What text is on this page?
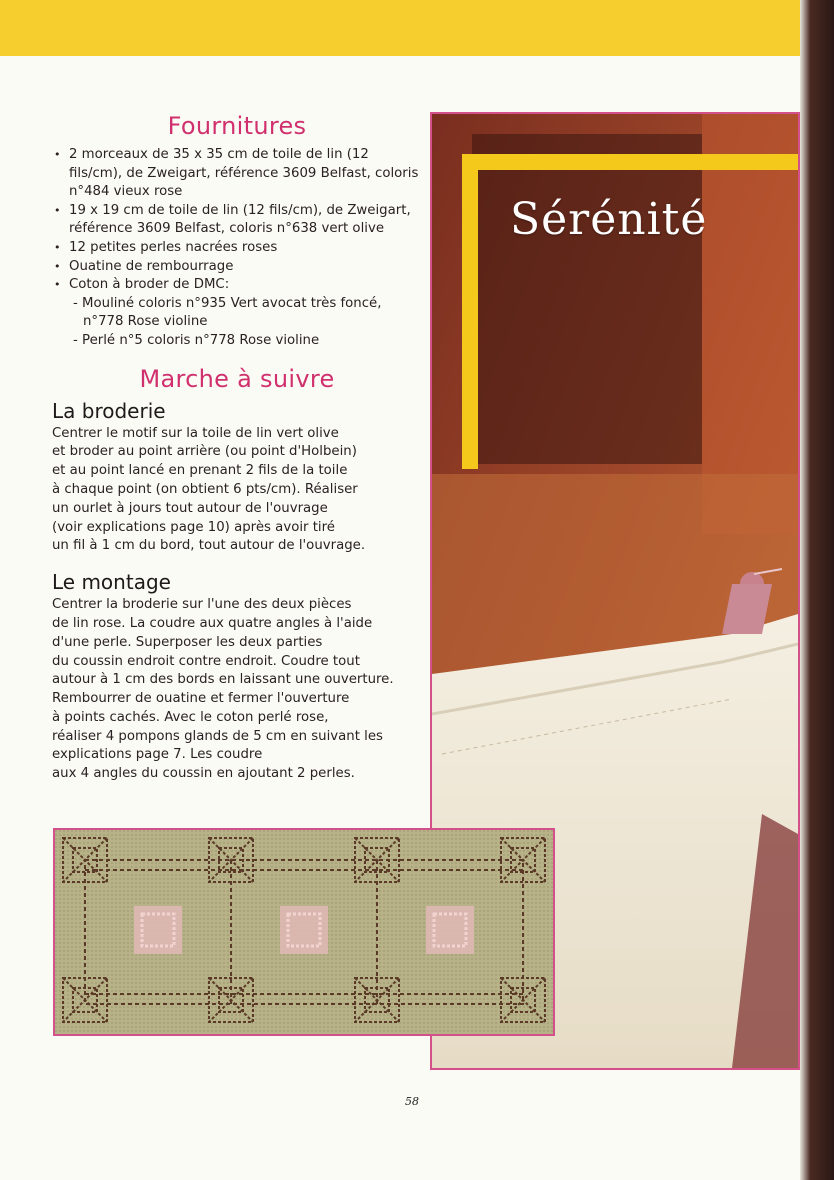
Fournitures
• 2 morceaux de 35 x 35 cm de toile de lin (12 fils/cm), de Zweigart, référence 3609 Belfast, coloris n°484 vieux rose
• 19 x 19 cm de toile de lin (12 fils/cm), de Zweigart, référence 3609 Belfast, coloris n°638 vert olive
• 12 petites perles nacrées roses
• Ouatine de rembourrage
• Coton à broder de DMC:
- Mouliné coloris n°935 Vert avocat très foncé, n°778 Rose violine
- Perlé n°5 coloris n°778 Rose violine
Marche à suivre
La broderie

Centrer le motif sur la toile de lin vert olive
et broder au point arrière (ou point d'Holbein)
et au point lancé en prenant 2 fils de la toile
à chaque point (on obtient 6 pts/cm). Réaliser
un ourlet à jours tout autour de l'ouvrage
(voir explications page 10) après avoir tiré
un fil à 1 cm du bord, tout autour de l'ouvrage.

Le montage

Centrer la broderie sur l'une des deux pièces
de lin rose. La coudre aux quatre angles à l'aide
d'une perle. Superposer les deux parties
du coussin endroit contre endroit. Coudre tout
autour à 1 cm des bords en laissant une ouverture.
Rembourrer de ouatine et fermer l'ouverture
à points cachés. Avec le coton perlé rose,
réaliser 4 pompons glands de 5 cm en suivant les
explications page 7. Les coudre
aux 4 angles du coussin en ajoutant 2 perles.

Sérénité
58
